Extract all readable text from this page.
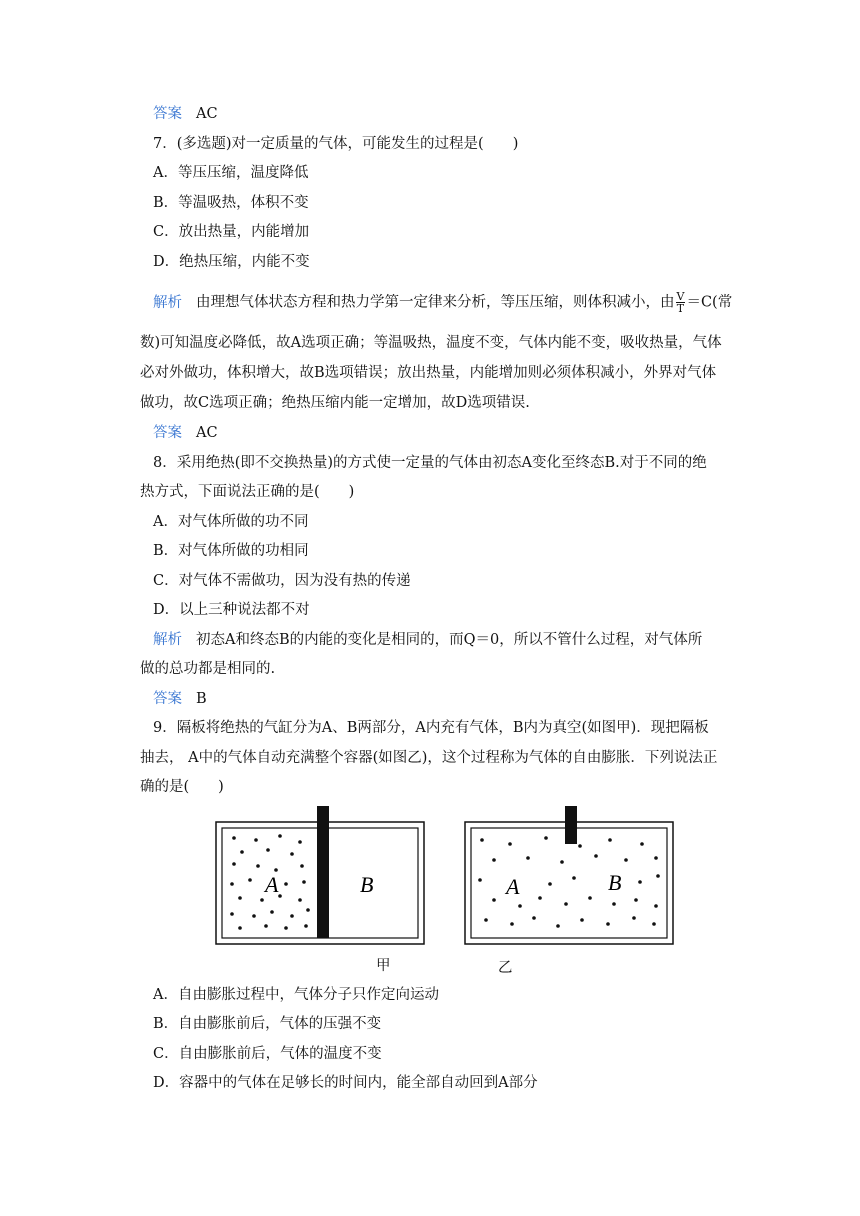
答案 AC
7．(多选题)对一定质量的气体，可能发生的过程是(　　)
A．等压压缩，温度降低
B．等温吸热，体积不变
C．放出热量，内能增加
D．绝热压缩，内能不变
解析 由理想气体状态方程和热力学第一定律来分析，等压压缩，则体积减小，由 $\frac{V}{T} =C$(常
数)可知温度必降低，故A选项正确；等温吸热，温度不变，气体内能不变，吸收热量，气体
必对外做功，体积增大，故B选项错误；放出热量，内能增加则必须体积减小，外界对气体
做功，故C选项正确；绝热压缩内能一定增加，故D选项错误.
答案 AC
8．采用绝热(即不交换热量)的方式使一定量的气体由初态A变化至终态B.对于不同的绝
热方式，下面说法正确的是(　　)
A．对气体所做的功不同
B．对气体所做的功相同
C．对气体不需做功，因为没有热的传递
D．以上三种说法都不对
解析 初态A和终态B的内能的变化是相同的，而Q＝0，所以不管什么过程，对气体所
做的总功都是相同的.
答案 B
9．隔板将绝热的气缸分为A、B两部分，A内充有气体，B内为真空(如图甲)．现把隔板
抽去， A中的气体自动充满整个容器(如图乙)，这个过程称为气体的自由膨胀．下列说法正
确的是(　　)
A	B	A	B
甲	乙
A．自由膨胀过程中，气体分子只作定向运动
B．自由膨胀前后，气体的压强不变
C．自由膨胀前后，气体的温度不变
D．容器中的气体在足够长的时间内，能全部自动回到A部分
